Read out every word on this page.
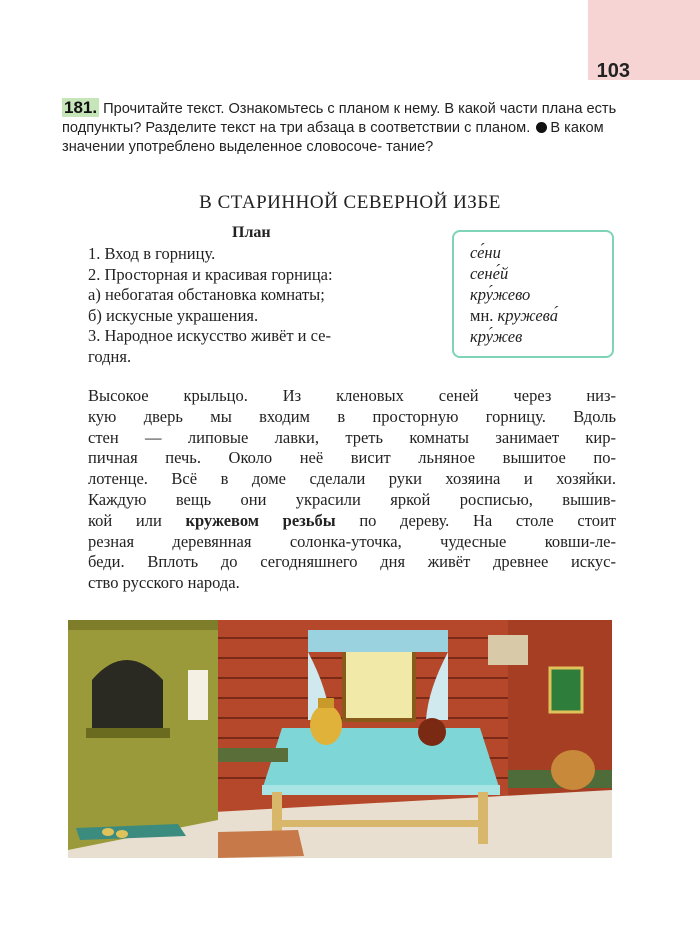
103
181. Прочитайте текст. Ознакомьтесь с планом к нему. В какой части плана есть подпункты? Разделите текст на три абзаца в соответствии с планом. В каком значении употреблено выделенное словосоче- тание?
В СТАРИННОЙ СЕВЕРНОЙ ИЗБЕ
План
1. Вход в горницу.
2. Просторная и красивая горница:
а) небогатая обстановка комнаты;
б) искусные украшения.
3. Народное искусство живёт и се-
годня.
се́ни
сене́й
кру́жево
мн. кружева́
кру́жев
Высокое крыльцо. Из кленовых сеней через низ-
кую дверь мы входим в просторную горницу. Вдоль
стен — липовые лавки, треть комнаты занимает кир-
пичная печь. Около неё висит льняное вышитое по-
лотенце. Всё в доме сделали руки хозяина и хозяйки.
Каждую вещь они украсили яркой росписью, вышив-
кой или кружевом резьбы по дереву. На столе стоит
резная деревянная солонка-уточка, чудесные ковши-ле-
беди. Вплоть до сегодняшнего дня живёт древнее искус-
ство русского народа.
